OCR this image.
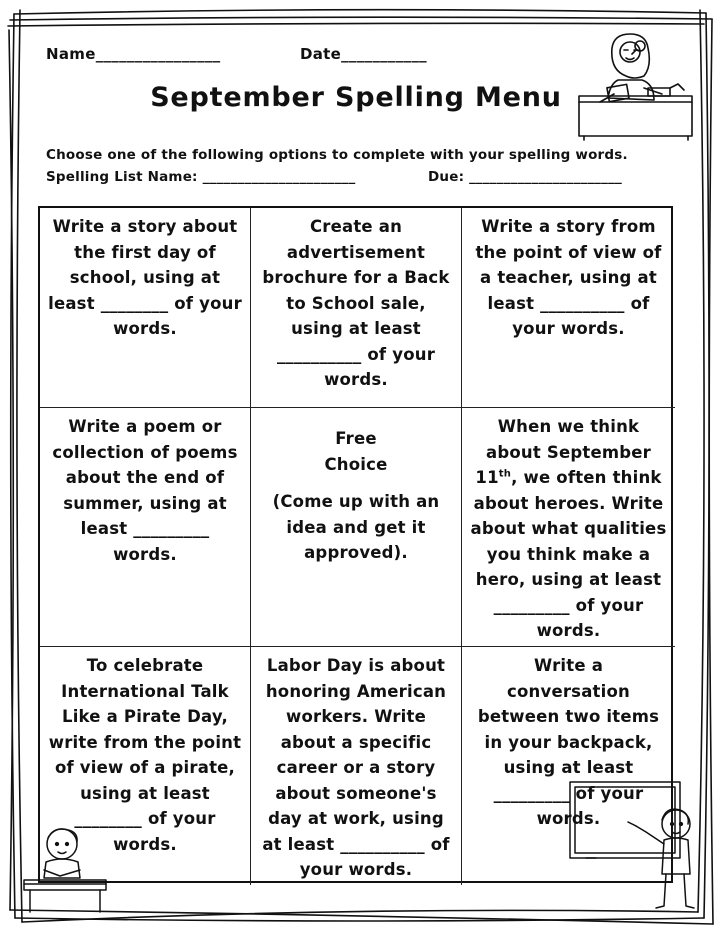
Name________________	Date___________
September Spelling Menu
Choose one of the following options to complete with your spelling words.
Spelling List Name: ______________________	Due: ______________________
Write a story about the first day of school, using at least ________ of your words.
Create an advertisement brochure for a Back to School sale, using at least __________ of your words.
Write a story from the point of view of a teacher, using at least __________ of your words.
Write a poem or collection of poems about the end of summer, using at least _________ words.
Free
Choice
(Come up with an idea and get it approved).
When we think about September 11th, we often think about heroes. Write about what qualities you think make a hero, using at least _________ of your words.
To celebrate International Talk Like a Pirate Day, write from the point of view of a pirate, using at least ________ of your words.
Labor Day is about honoring American workers. Write about a specific career or a story about someone's day at work, using at least __________ of your words.
Write a conversation between two items in your backpack, using at least _________ of your words.
